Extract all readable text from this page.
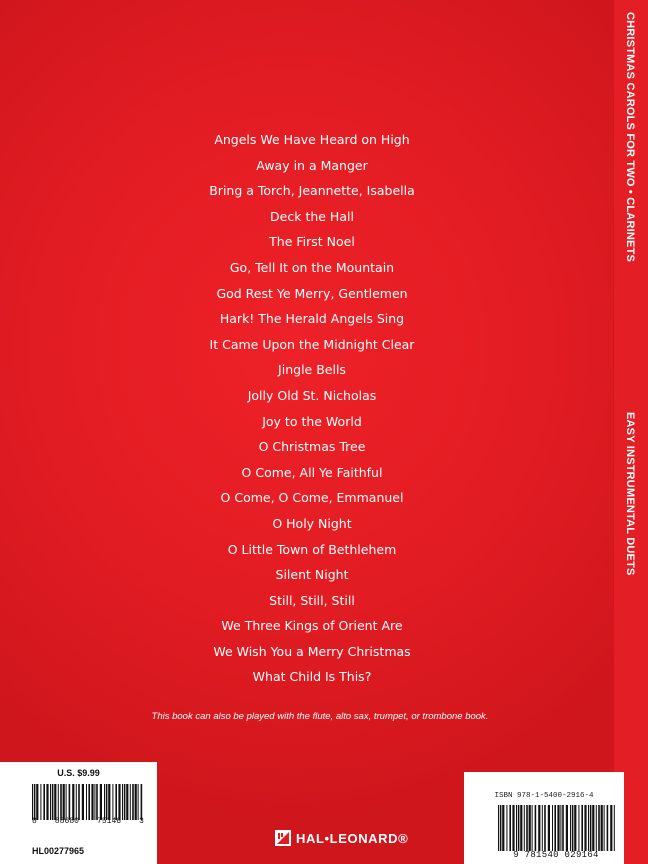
CHRISTMAS CAROLS FOR TWO • CLARINETS
EASY INSTRUMENTAL DUETS
Angels We Have Heard on High
Away in a Manger
Bring a Torch, Jeannette, Isabella
Deck the Hall
The First Noel
Go, Tell It on the Mountain
God Rest Ye Merry, Gentlemen
Hark! The Herald Angels Sing
It Came Upon the Midnight Clear
Jingle Bells
Jolly Old St. Nicholas
Joy to the World
O Christmas Tree
O Come, All Ye Faithful
O Come, O Come, Emmanuel
O Holy Night
O Little Town of Bethlehem
Silent Night
Still, Still, Still
We Three Kings of Orient Are
We Wish You a Merry Christmas
What Child Is This?
This book can also be played with the flute, alto sax, trumpet, or trombone book.
U.S. $9.99
8 88680 75146 3
HL00277965
ISBN 978-1-5400-2916-4
9 781540 029164
HAL•LEONARD®
